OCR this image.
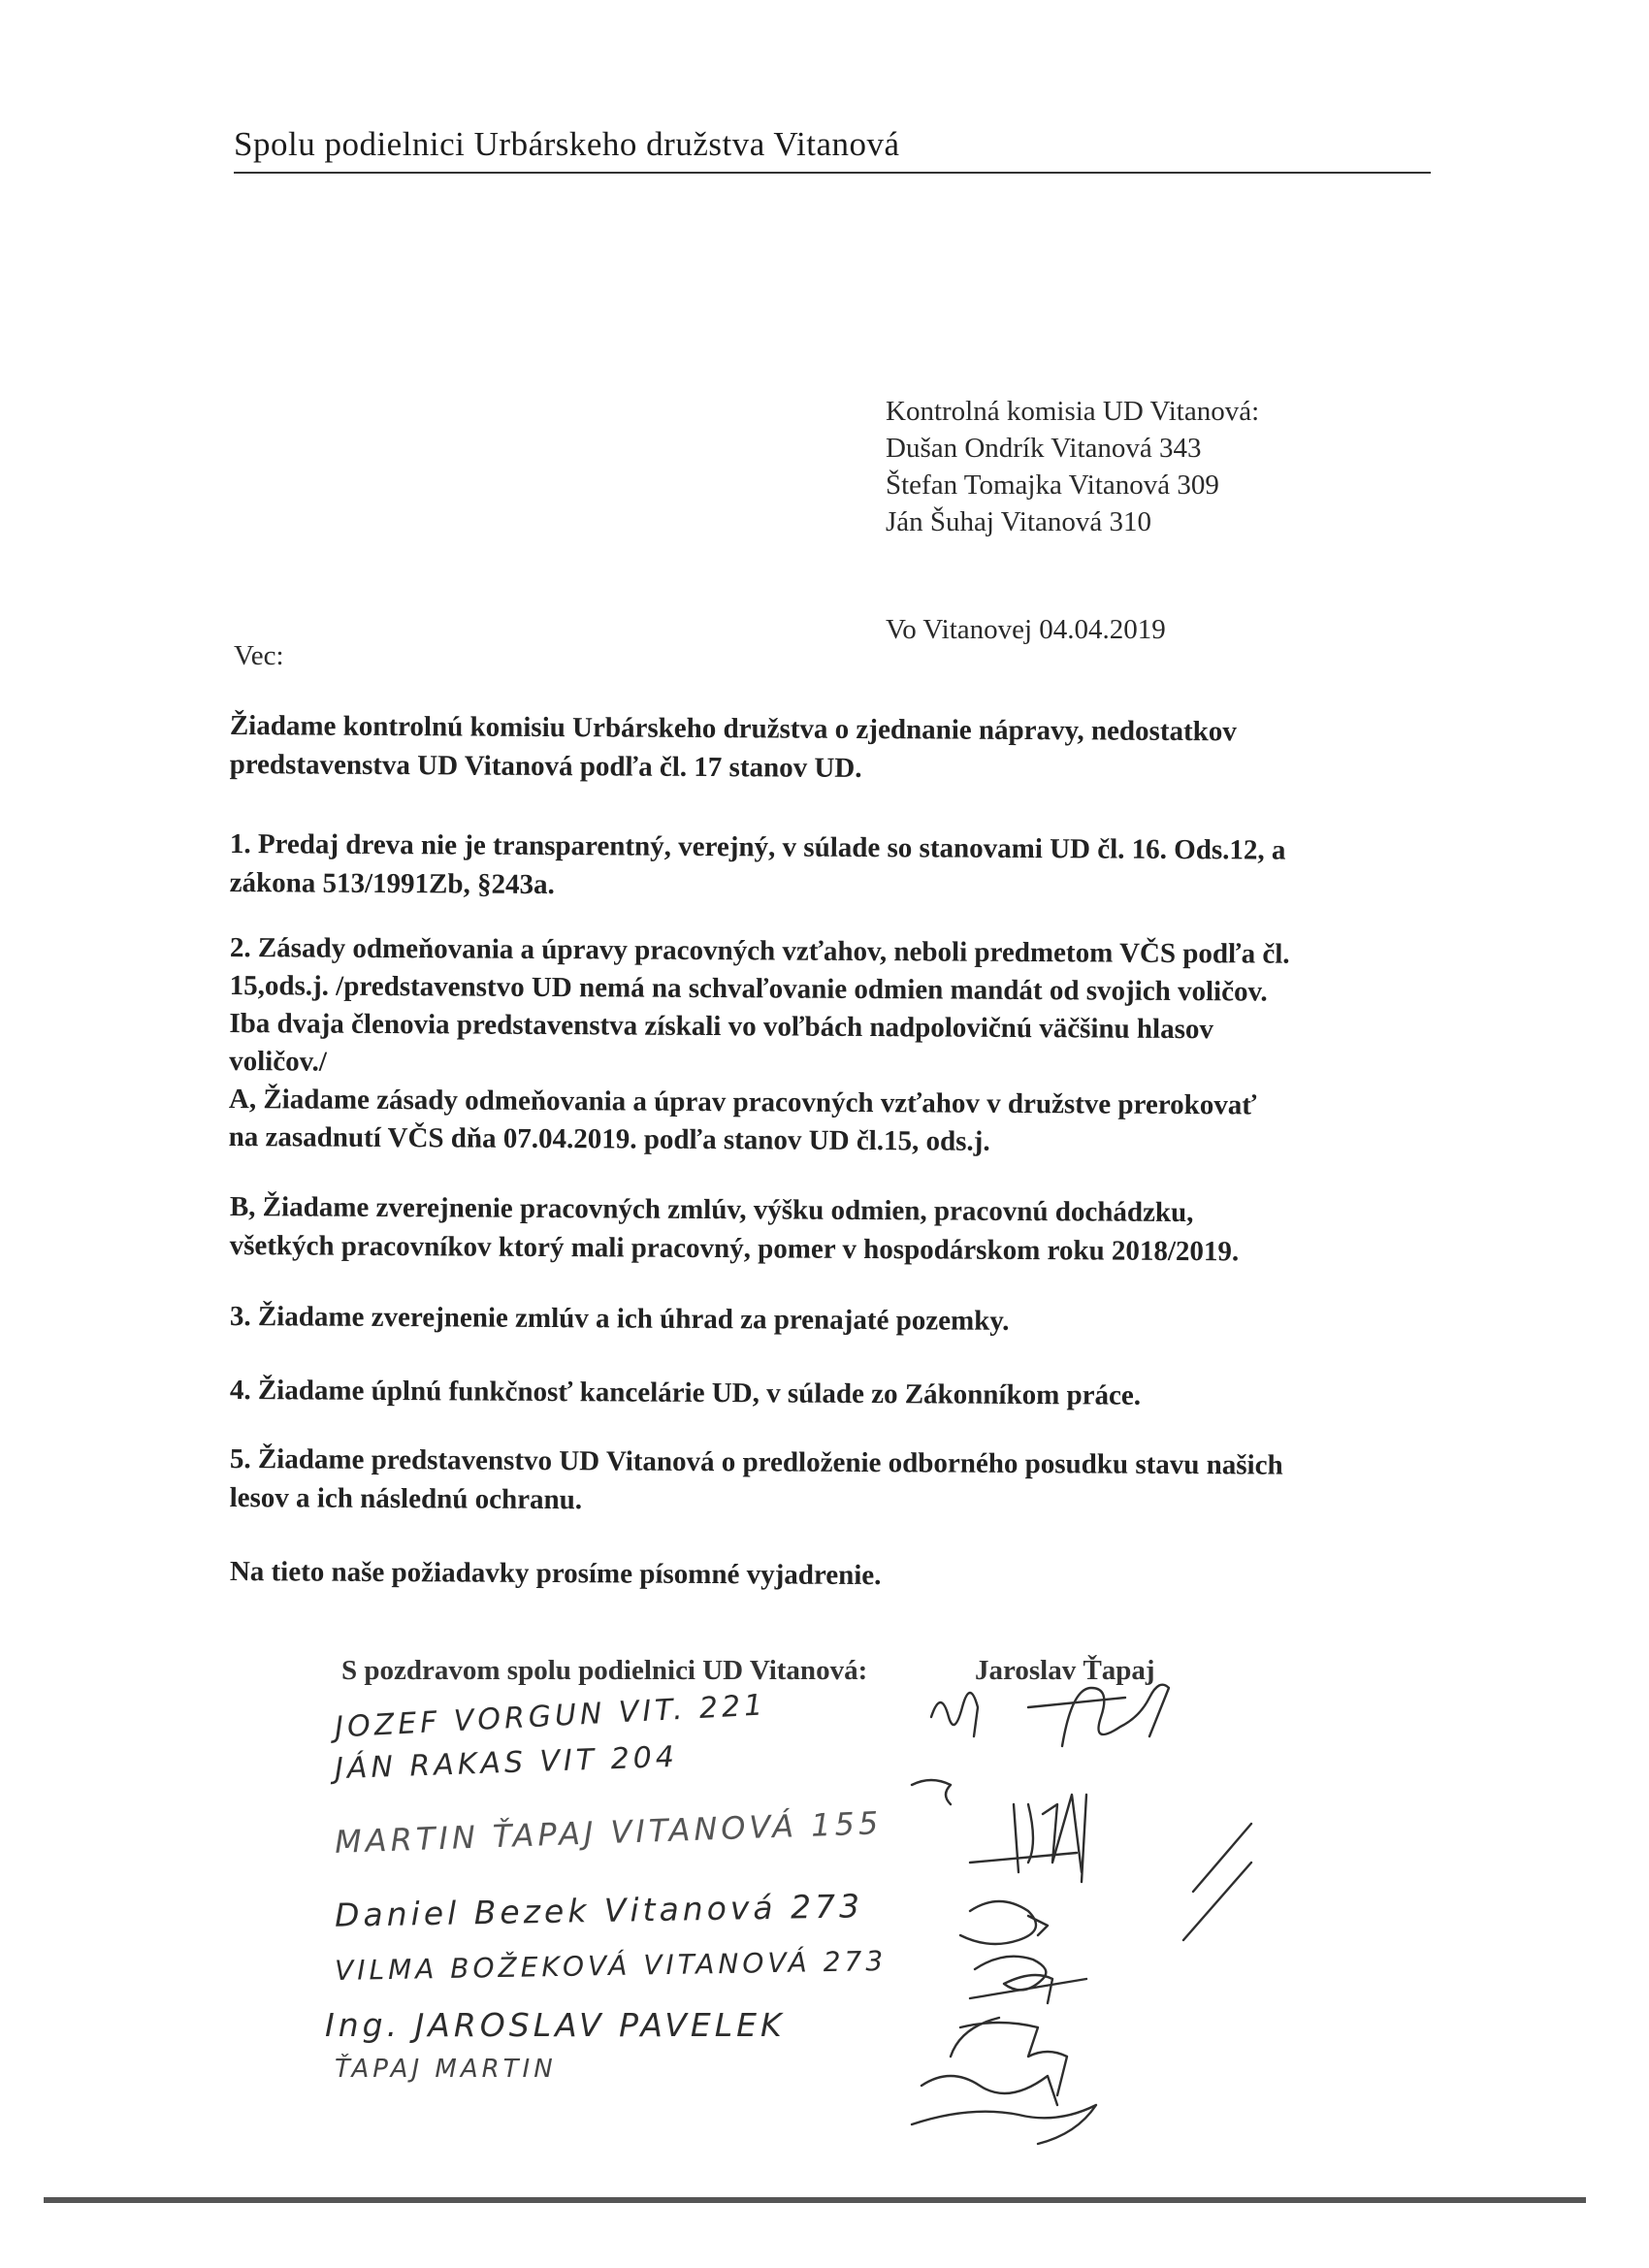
Spolu podielnici Urbárskeho družstva Vitanová
Kontrolná komisia UD Vitanová:
Dušan Ondrík Vitanová 343
Štefan Tomajka Vitanová 309
Ján Šuhaj Vitanová 310
Vo Vitanovej 04.04.2019
Vec:
Žiadame kontrolnú komisiu Urbárskeho družstva o zjednanie nápravy, nedostatkov
predstavenstva UD Vitanová podľa čl. 17 stanov UD.
1. Predaj dreva nie je transparentný, verejný, v súlade so stanovami UD čl. 16. Ods.12, a
zákona 513/1991Zb, §243a.
2. Zásady odmeňovania a úpravy pracovných vzťahov, neboli predmetom VČS podľa čl.
15,ods.j. /predstavenstvo UD nemá na schvaľovanie odmien mandát od svojich voličov.
Iba dvaja členovia predstavenstva získali vo voľbách nadpolovičnú väčšinu hlasov
voličov./
A, Žiadame zásady odmeňovania a úprav pracovných vzťahov v družstve prerokovať
na zasadnutí VČS dňa 07.04.2019. podľa stanov UD čl.15, ods.j.
B, Žiadame zverejnenie pracovných zmlúv, výšku odmien, pracovnú dochádzku,
všetkých pracovníkov ktorý mali pracovný, pomer v hospodárskom roku 2018/2019.
3. Žiadame zverejnenie zmlúv a ich úhrad za prenajaté pozemky.
4. Žiadame úplnú funkčnosť kancelárie UD, v súlade zo Zákonníkom práce.
5. Žiadame predstavenstvo UD Vitanová o predloženie odborného posudku stavu našich
lesov a ich následnú ochranu.
Na tieto naše požiadavky prosíme písomné vyjadrenie.
S pozdravom spolu podielnici UD Vitanová:	Jaroslav Ťapaj
JOZEF VORGUN VIT. 221
JÁN RAKAS VIT 204
MARTIN ŤAPAJ VITANOVÁ 155
Daniel Bezek Vitanová 273
VILMA BOŽEKOVÁ VITANOVÁ 273
Ing. JAROSLAV PAVELEK
ŤAPAJ MARTIN
